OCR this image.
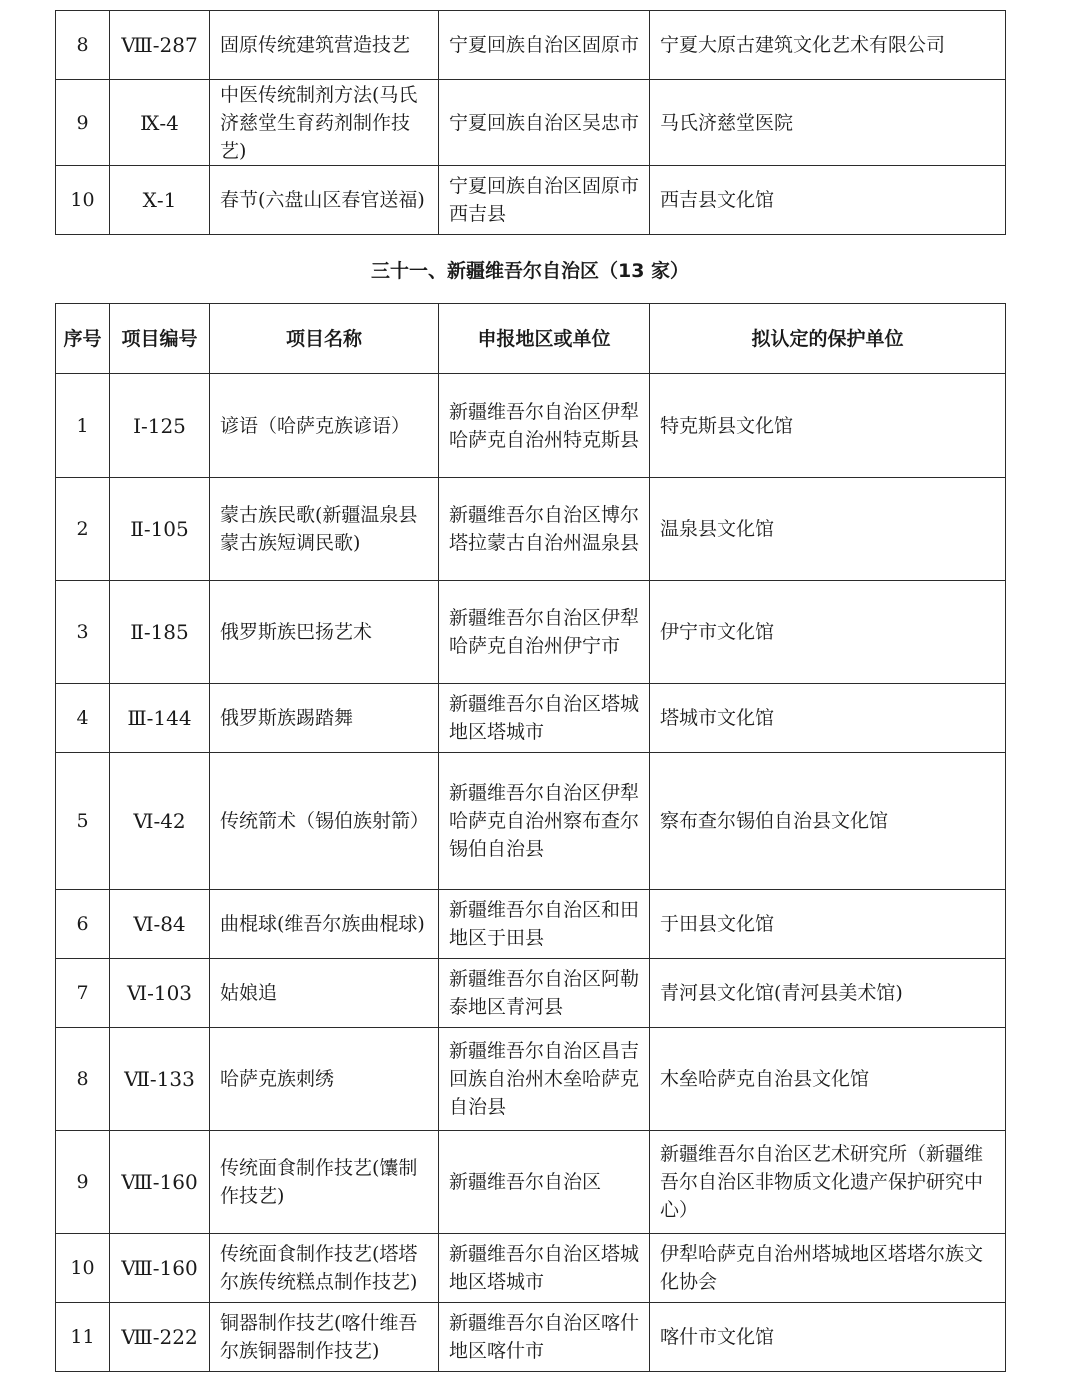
8	Ⅷ-287	固原传统建筑营造技艺	宁夏回族自治区固原市	宁夏大原古建筑文化艺术有限公司
9	Ⅸ-4	中医传统制剂方法(马氏济慈堂生育药剂制作技艺)	宁夏回族自治区吴忠市	马氏济慈堂医院
10	Ⅹ-1	春节(六盘山区春官送福)	宁夏回族自治区固原市西吉县	西吉县文化馆
三十一、新疆维吾尔自治区（13 家）
序号	项目编号	项目名称	申报地区或单位	拟认定的保护单位
1	Ⅰ-125	谚语（哈萨克族谚语）	新疆维吾尔自治区伊犁哈萨克自治州特克斯县	特克斯县文化馆
2	Ⅱ-105	蒙古族民歌(新疆温泉县蒙古族短调民歌)	新疆维吾尔自治区博尔塔拉蒙古自治州温泉县	温泉县文化馆
3	Ⅱ-185	俄罗斯族巴扬艺术	新疆维吾尔自治区伊犁哈萨克自治州伊宁市	伊宁市文化馆
4	Ⅲ-144	俄罗斯族踢踏舞	新疆维吾尔自治区塔城地区塔城市	塔城市文化馆
5	Ⅵ-42	传统箭术（锡伯族射箭）	新疆维吾尔自治区伊犁哈萨克自治州察布查尔锡伯自治县	察布查尔锡伯自治县文化馆
6	Ⅵ-84	曲棍球(维吾尔族曲棍球)	新疆维吾尔自治区和田地区于田县	于田县文化馆
7	Ⅵ-103	姑娘追	新疆维吾尔自治区阿勒泰地区青河县	青河县文化馆(青河县美术馆)
8	Ⅶ-133	哈萨克族刺绣	新疆维吾尔自治区昌吉回族自治州木垒哈萨克自治县	木垒哈萨克自治县文化馆
9	Ⅷ-160	传统面食制作技艺(馕制作技艺)	新疆维吾尔自治区	新疆维吾尔自治区艺术研究所（新疆维吾尔自治区非物质文化遗产保护研究中心）
10	Ⅷ-160	传统面食制作技艺(塔塔尔族传统糕点制作技艺)	新疆维吾尔自治区塔城地区塔城市	伊犁哈萨克自治州塔城地区塔塔尔族文化协会
11	Ⅷ-222	铜器制作技艺(喀什维吾尔族铜器制作技艺)	新疆维吾尔自治区喀什地区喀什市	喀什市文化馆
